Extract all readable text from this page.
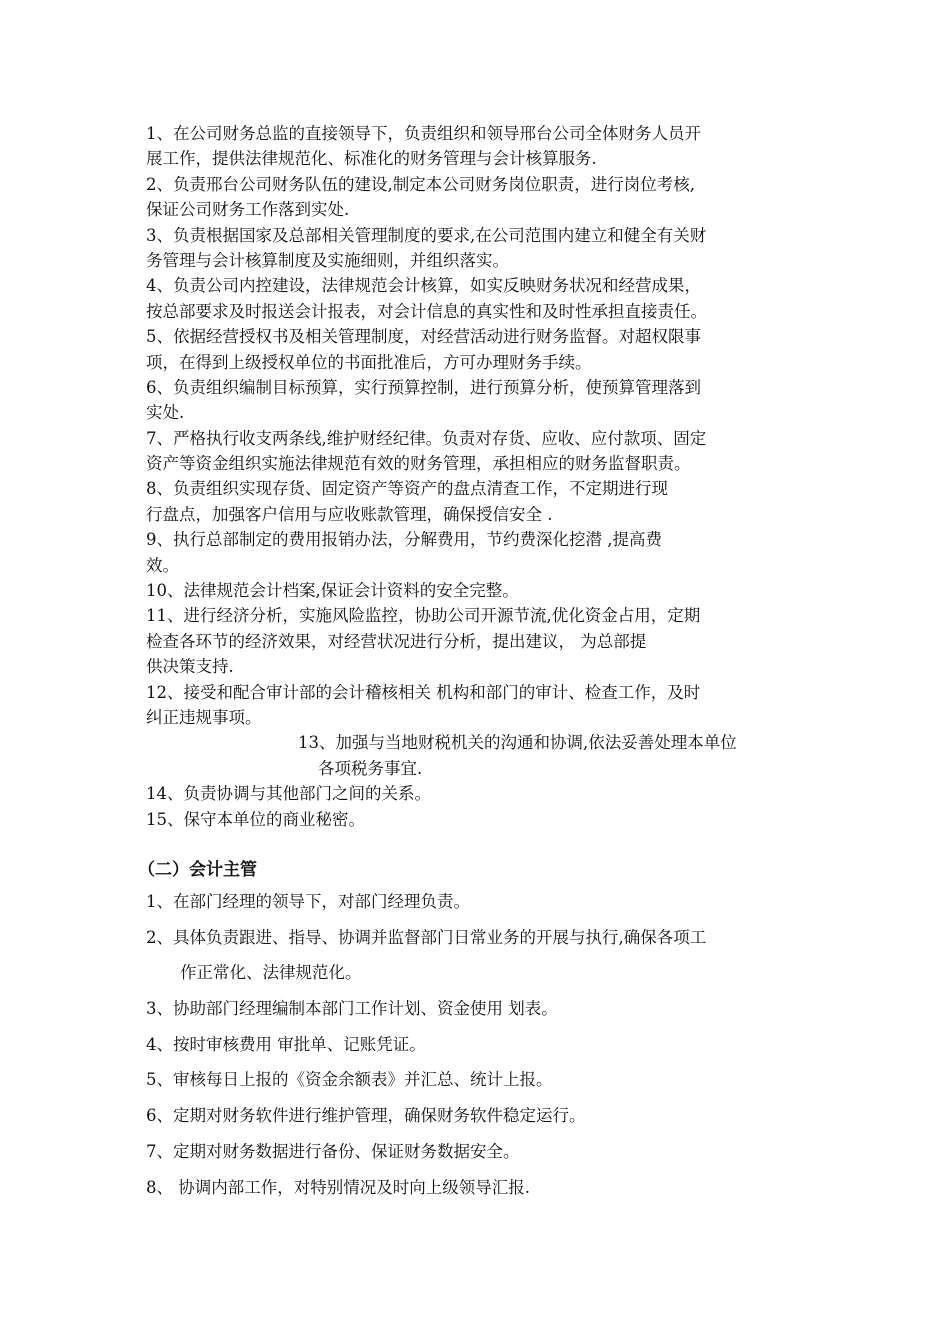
1、在公司财务总监的直接领导下，负责组织和领导邢台公司全体财务人员开
展工作，提供法律规范化、标准化的财务管理与会计核算服务.
2、负责邢台公司财务队伍的建设,制定本公司财务岗位职责，进行岗位考核,
保证公司财务工作落到实处.
3、负责根据国家及总部相关管理制度的要求,在公司范围内建立和健全有关财
务管理与会计核算制度及实施细则，并组织落实。
4、负责公司内控建设，法律规范会计核算，如实反映财务状况和经营成果，
按总部要求及时报送会计报表，对会计信息的真实性和及时性承担直接责任。
5、依据经营授权书及相关管理制度，对经营活动进行财务监督。对超权限事
项，在得到上级授权单位的书面批准后，方可办理财务手续。
6、负责组织编制目标预算，实行预算控制，进行预算分析，使预算管理落到
实处.
7、严格执行收支两条线,维护财经纪律。负责对存货、应收、应付款项、固定
资产等资金组织实施法律规范有效的财务管理，承担相应的财务监督职责。
8、负责组织实现存货、固定资产等资产的盘点清查工作，不定期进行现
行盘点，加强客户信用与应收账款管理，确保授信安全 .
9、执行总部制定的费用报销办法，分解费用，节约费深化挖潜 ,提高费
效。
10、法律规范会计档案,保证会计资料的安全完整。
11、进行经济分析，实施风险监控，协助公司开源节流,优化资金占用，定期
检查各环节的经济效果，对经营状况进行分析，提出建议， 为总部提
供决策支持.
12、接受和配合审计部的会计稽核相关 机构和部门的审计、检查工作，及时
纠正违规事项。
13、加强与当地财税机关的沟通和协调,依法妥善处理本单位
各项税务事宜.
14、负责协调与其他部门之间的关系。
15、保守本单位的商业秘密。
（二）会计主管
1、在部门经理的领导下，对部门经理负责。
2、具体负责跟进、指导、协调并监督部门日常业务的开展与执行,确保各项工
作正常化、法律规范化。
3、协助部门经理编制本部门工作计划、资金使用 划表。
4、按时审核费用 审批单、记账凭证。
5、审核每日上报的《资金余额表》并汇总、统计上报。
6、定期对财务软件进行维护管理，确保财务软件稳定运行。
7、定期对财务数据进行备份、保证财务数据安全。
8、 协调内部工作，对特别情况及时向上级领导汇报.
